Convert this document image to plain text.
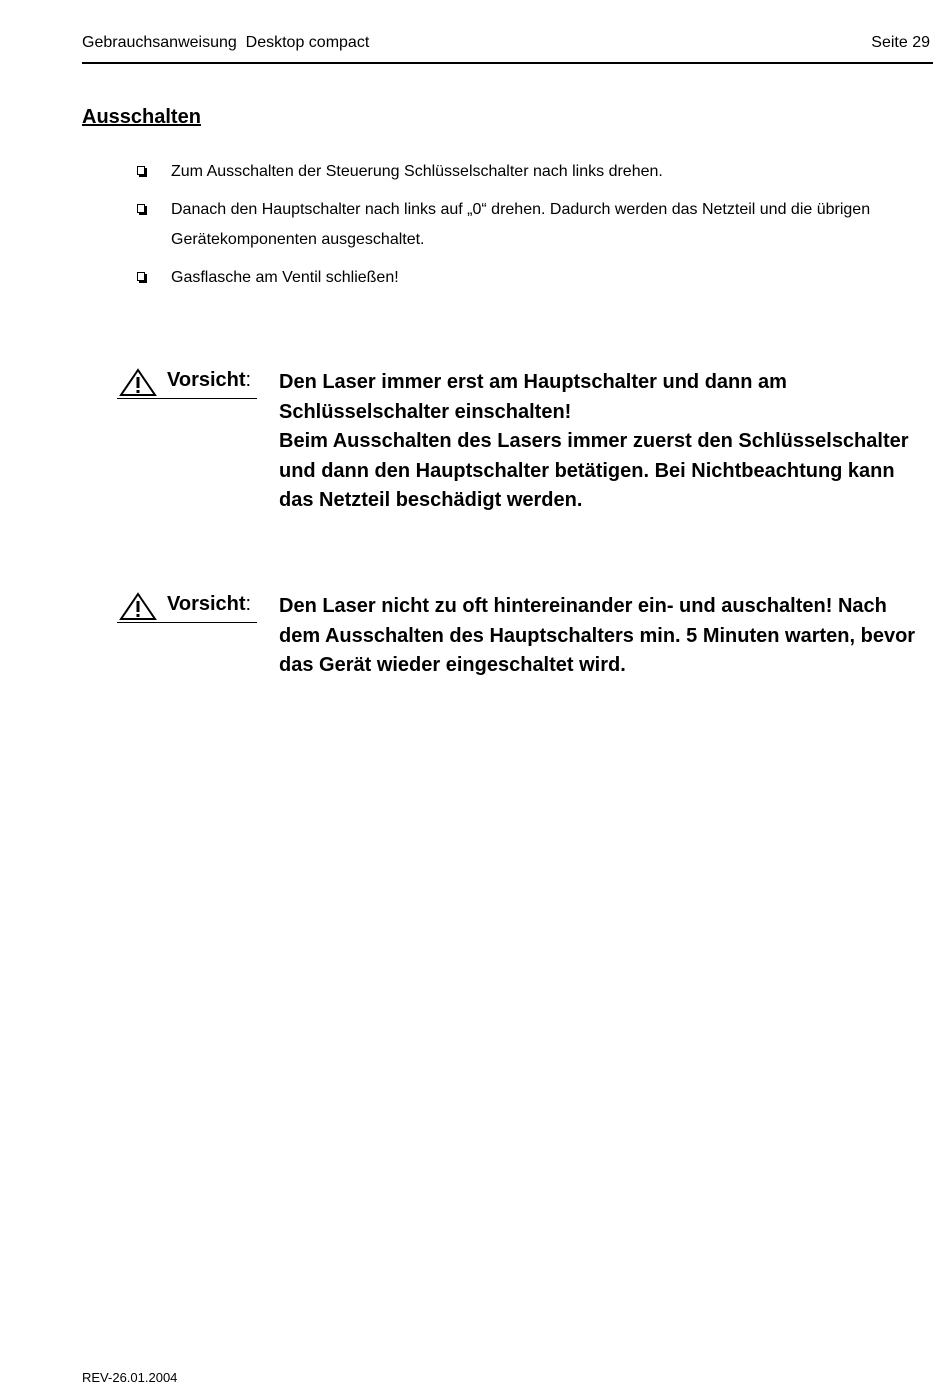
Gebrauchsanweisung  Desktop compact	Seite 29
Ausschalten
Zum Ausschalten der Steuerung Schlüsselschalter nach links drehen.
Danach den Hauptschalter nach links auf „0“ drehen. Dadurch werden das Netzteil und die übrigen Gerätekomponenten ausgeschaltet.
Gasflasche am Ventil schließen!
Vorsicht: Den Laser immer erst am Hauptschalter und dann am Schlüsselschalter einschalten!

Beim Ausschalten des Lasers immer zuerst den Schlüsselschalter und dann den Hauptschalter betätigen. Bei Nichtbeachtung kann das Netzteil beschädigt werden.

Vorsicht: Den Laser nicht zu oft hintereinander ein- und auschalten! Nach dem Ausschalten des Hauptschalters min. 5 Minuten warten, bevor das Gerät wieder eingeschaltet wird.

REV-26.01.2004
